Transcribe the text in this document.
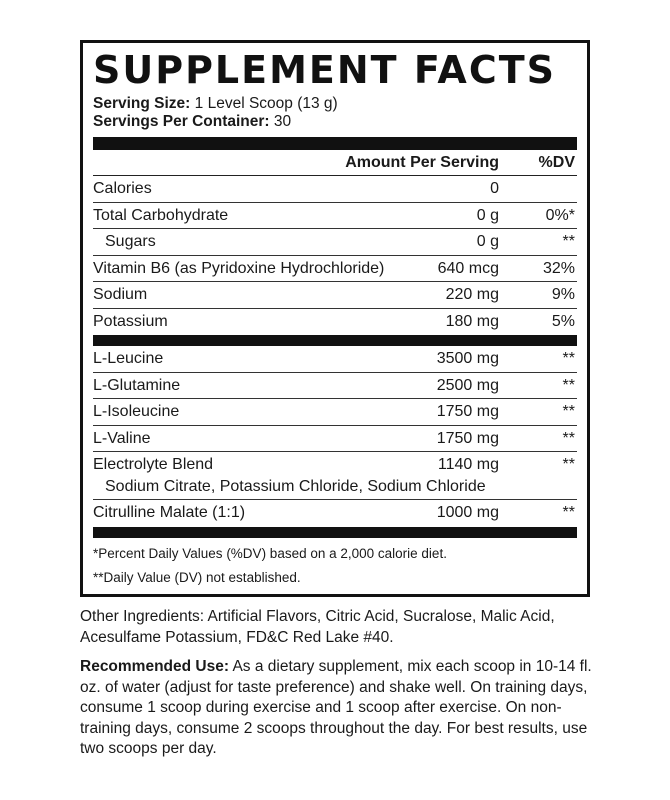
SUPPLEMENT FACTS
Serving Size: 1 Level Scoop (13 g)
Servings Per Container: 30
Amount Per Serving %DV
Calories	0
Total Carbohydrate	0 g	0%*
Sugars	0 g	**
Vitamin B6 (as Pyridoxine Hydrochloride)	640 mcg	32%
Sodium	220 mg	9%
Potassium	180 mg	5%
L-Leucine	3500 mg	**
L-Glutamine	2500 mg	**
L-Isoleucine	1750 mg	**
L-Valine	1750 mg	**
Electrolyte Blend	1140 mg	**
Sodium Citrate, Potassium Chloride, Sodium Chloride
Citrulline Malate (1:1)	1000 mg	**
*Percent Daily Values (%DV) based on a 2,000 calorie diet.
**Daily Value (DV) not established.
Other Ingredients: Artificial Flavors, Citric Acid, Sucralose, Malic Acid, Acesulfame Potassium, FD&C Red Lake #40.
Recommended Use: As a dietary supplement, mix each scoop in 10-14 fl. oz. of water (adjust for taste preference) and shake well. On training days, consume 1 scoop during exercise and 1 scoop after exercise. On non-training days, consume 2 scoops throughout the day. For best results, use two scoops per day.
